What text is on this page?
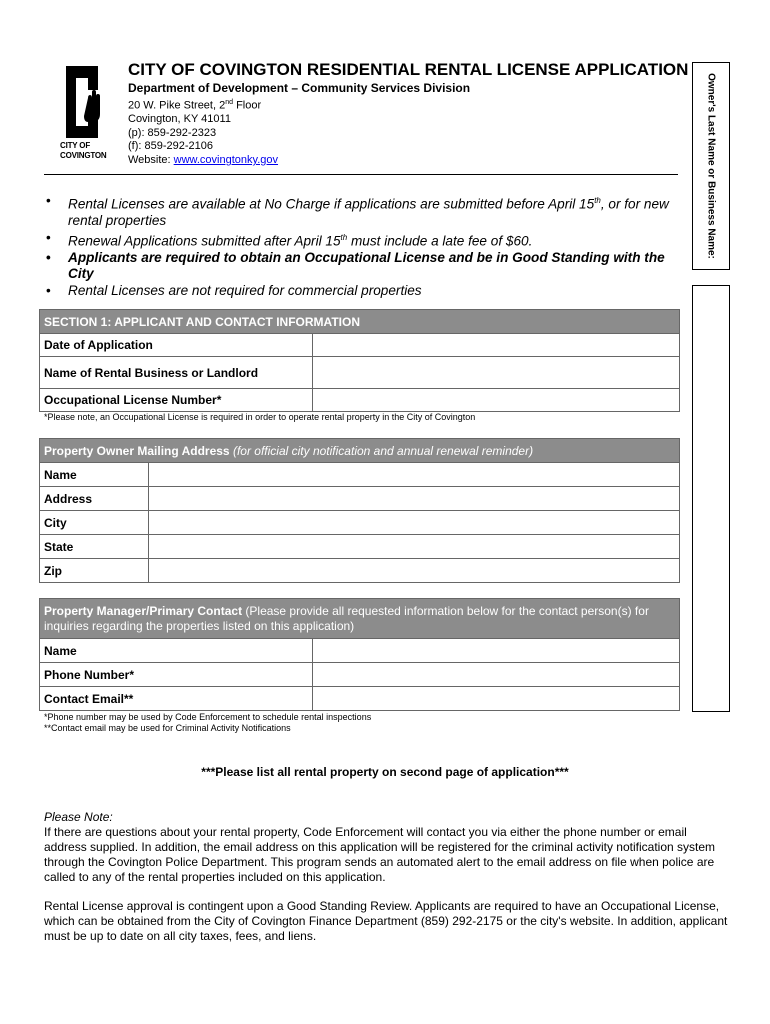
CITY OF
COVINGTON
CITY OF COVINGTON RESIDENTIAL RENTAL LICENSE APPLICATION
Department of Development – Community Services Division
20 W. Pike Street, 2nd Floor
Covington, KY 41011
(p): 859-292-2323
(f): 859-292-2106
Website: www.covingtonky.gov	Owner's Last Name or Business Name:
• Rental Licenses are available at No Charge if applications are submitted before April 15th, or for new rental properties
• Renewal Applications submitted after April 15th must include a late fee of $60.
• Applicants are required to obtain an Occupational License and be in Good Standing with the City
• Rental Licenses are not required for commercial properties
SECTION 1: APPLICANT AND CONTACT INFORMATION	
Date of Application	
Name of Rental Business or Landlord	
Occupational License Number*	
*Please note, an Occupational License is required in order to operate rental property in the City of Covington
Property Owner Mailing Address (for official city notification and annual renewal reminder)	
Name	
Address	
City	
State	
Zip	
Property Manager/Primary Contact (Please provide all requested information below for the contact person(s) for inquiries regarding the properties listed on this application)	
Name	
Phone Number*	
Contact Email**	
*Phone number may be used by Code Enforcement to schedule rental inspections
**Contact email may be used for Criminal Activity Notifications
***Please list all rental property on second page of application***
Please Note:
If there are questions about your rental property, Code Enforcement will contact you via either the phone number or email address supplied. In addition, the email address on this application will be registered for the criminal activity notification system through the Covington Police Department. This program sends an automated alert to the email address on file when police are called to any of the rental properties included on this application.
Rental License approval is contingent upon a Good Standing Review. Applicants are required to have an Occupational License, which can be obtained from the City of Covington Finance Department (859) 292-2175 or the city's website. In addition, applicant must be up to date on all city taxes, fees, and liens.
